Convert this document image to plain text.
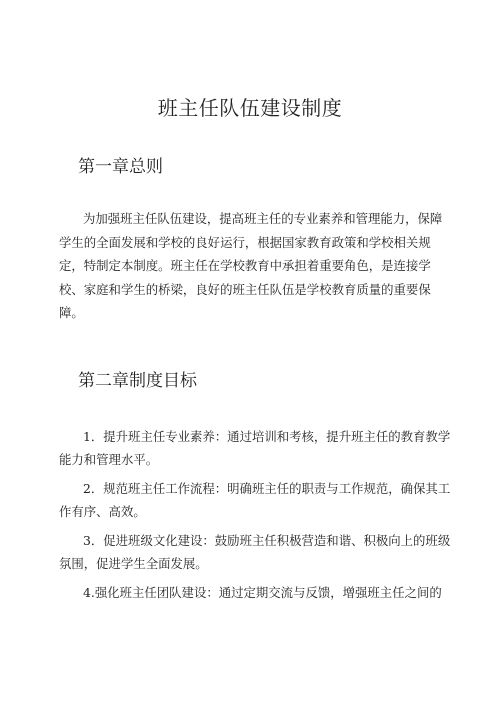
班主任队伍建设制度
第一章总则

为加强班主任队伍建设，提高班主任的专业素养和管理能力，保障学生的全面发展和学校的良好运行，根据国家教育政策和学校相关规定，特制定本制度。班主任在学校教育中承担着重要角色，是连接学校、家庭和学生的桥梁，良好的班主任队伍是学校教育质量的重要保障。

第二章制度目标

1．提升班主任专业素养：通过培训和考核，提升班主任的教育教学能力和管理水平。

2．规范班主任工作流程：明确班主任的职责与工作规范，确保其工作有序、高效。

3．促进班级文化建设：鼓励班主任积极营造和谐、积极向上的班级氛围，促进学生全面发展。

4.强化班主任团队建设：通过定期交流与反馈，增强班主任之间的
